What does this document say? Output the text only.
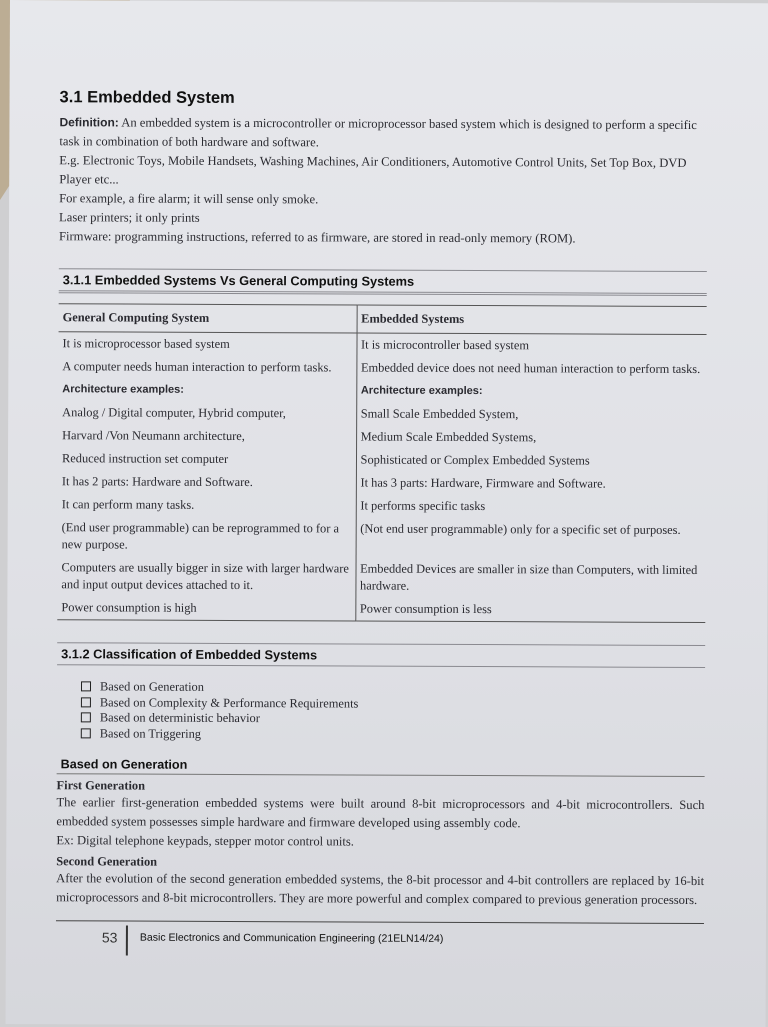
3.1 Embedded System

Definition: An embedded system is a microcontroller or microprocessor based system which is designed to perform a specific task in combination of both hardware and software.

E.g. Electronic Toys, Mobile Handsets, Washing Machines, Air Conditioners, Automotive Control Units, Set Top Box, DVD Player etc...

For example, a fire alarm; it will sense only smoke.

Laser printers; it only prints

Firmware: programming instructions, referred to as firmware, are stored in read-only memory (ROM).

3.1.1 Embedded Systems Vs General Computing Systems
General Computing System	Embedded Systems
It is microprocessor based system	It is microcontroller based system
A computer needs human interaction to perform tasks.	Embedded device does not need human interaction to perform tasks.
Architecture examples:	Architecture examples:
Analog / Digital computer, Hybrid computer,	Small Scale Embedded System,
Harvard /Von Neumann architecture,	Medium Scale Embedded Systems,
Reduced instruction set computer	Sophisticated or Complex Embedded Systems
It has 2 parts: Hardware and Software.	It has 3 parts: Hardware, Firmware and Software.
It can perform many tasks.	It performs specific tasks
(End user programmable) can be reprogrammed to for a new purpose.	(Not end user programmable) only for a specific set of purposes.
Computers are usually bigger in size with larger hardware and input output devices attached to it.	Embedded Devices are smaller in size than Computers, with limited hardware.
Power consumption is high	Power consumption is less
3.1.2 Classification of Embedded Systems
Based on Generation
Based on Complexity & Performance Requirements
Based on deterministic behavior
Based on Triggering
Based on Generation
First Generation

The earlier first-generation embedded systems were built around 8-bit microprocessors and 4-bit microcontrollers. Such embedded system possesses simple hardware and firmware developed using assembly code.

Ex: Digital telephone keypads, stepper motor control units.

Second Generation

After the evolution of the second generation embedded systems, the 8-bit processor and 4-bit controllers are replaced by 16-bit microprocessors and 8-bit microcontrollers. They are more powerful and complex compared to previous generation processors.

53 Basic Electronics and Communication Engineering (21ELN14/24)
